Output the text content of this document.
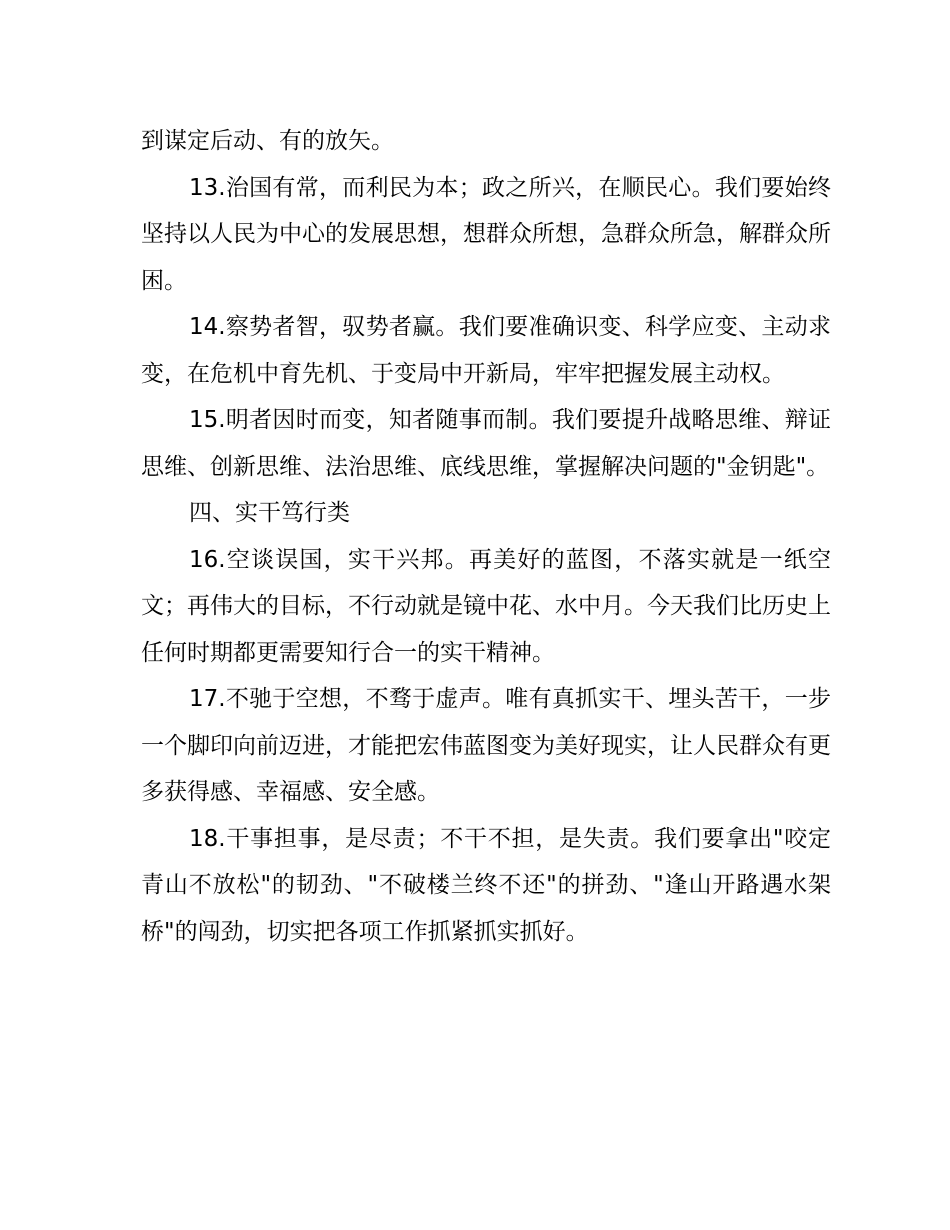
到谋定后动、有的放矢。

13.治国有常，而利民为本；政之所兴，在顺民心。我们要始终坚持以人民为中心的发展思想，想群众所想，急群众所急，解群众所困。

14.察势者智，驭势者赢。我们要准确识变、科学应变、主动求变，在危机中育先机、于变局中开新局，牢牢把握发展主动权。

15.明者因时而变，知者随事而制。我们要提升战略思维、辩证思维、创新思维、法治思维、底线思维，掌握解决问题的"金钥匙"。

四、实干笃行类

16.空谈误国，实干兴邦。再美好的蓝图，不落实就是一纸空文；再伟大的目标，不行动就是镜中花、水中月。今天我们比历史上任何时期都更需要知行合一的实干精神。

17.不驰于空想，不骛于虚声。唯有真抓实干、埋头苦干，一步一个脚印向前迈进，才能把宏伟蓝图变为美好现实，让人民群众有更多获得感、幸福感、安全感。

18.干事担事，是尽责；不干不担，是失责。我们要拿出"咬定青山不放松"的韧劲、"不破楼兰终不还"的拼劲、"逢山开路遇水架桥"的闯劲，切实把各项工作抓紧抓实抓好。
